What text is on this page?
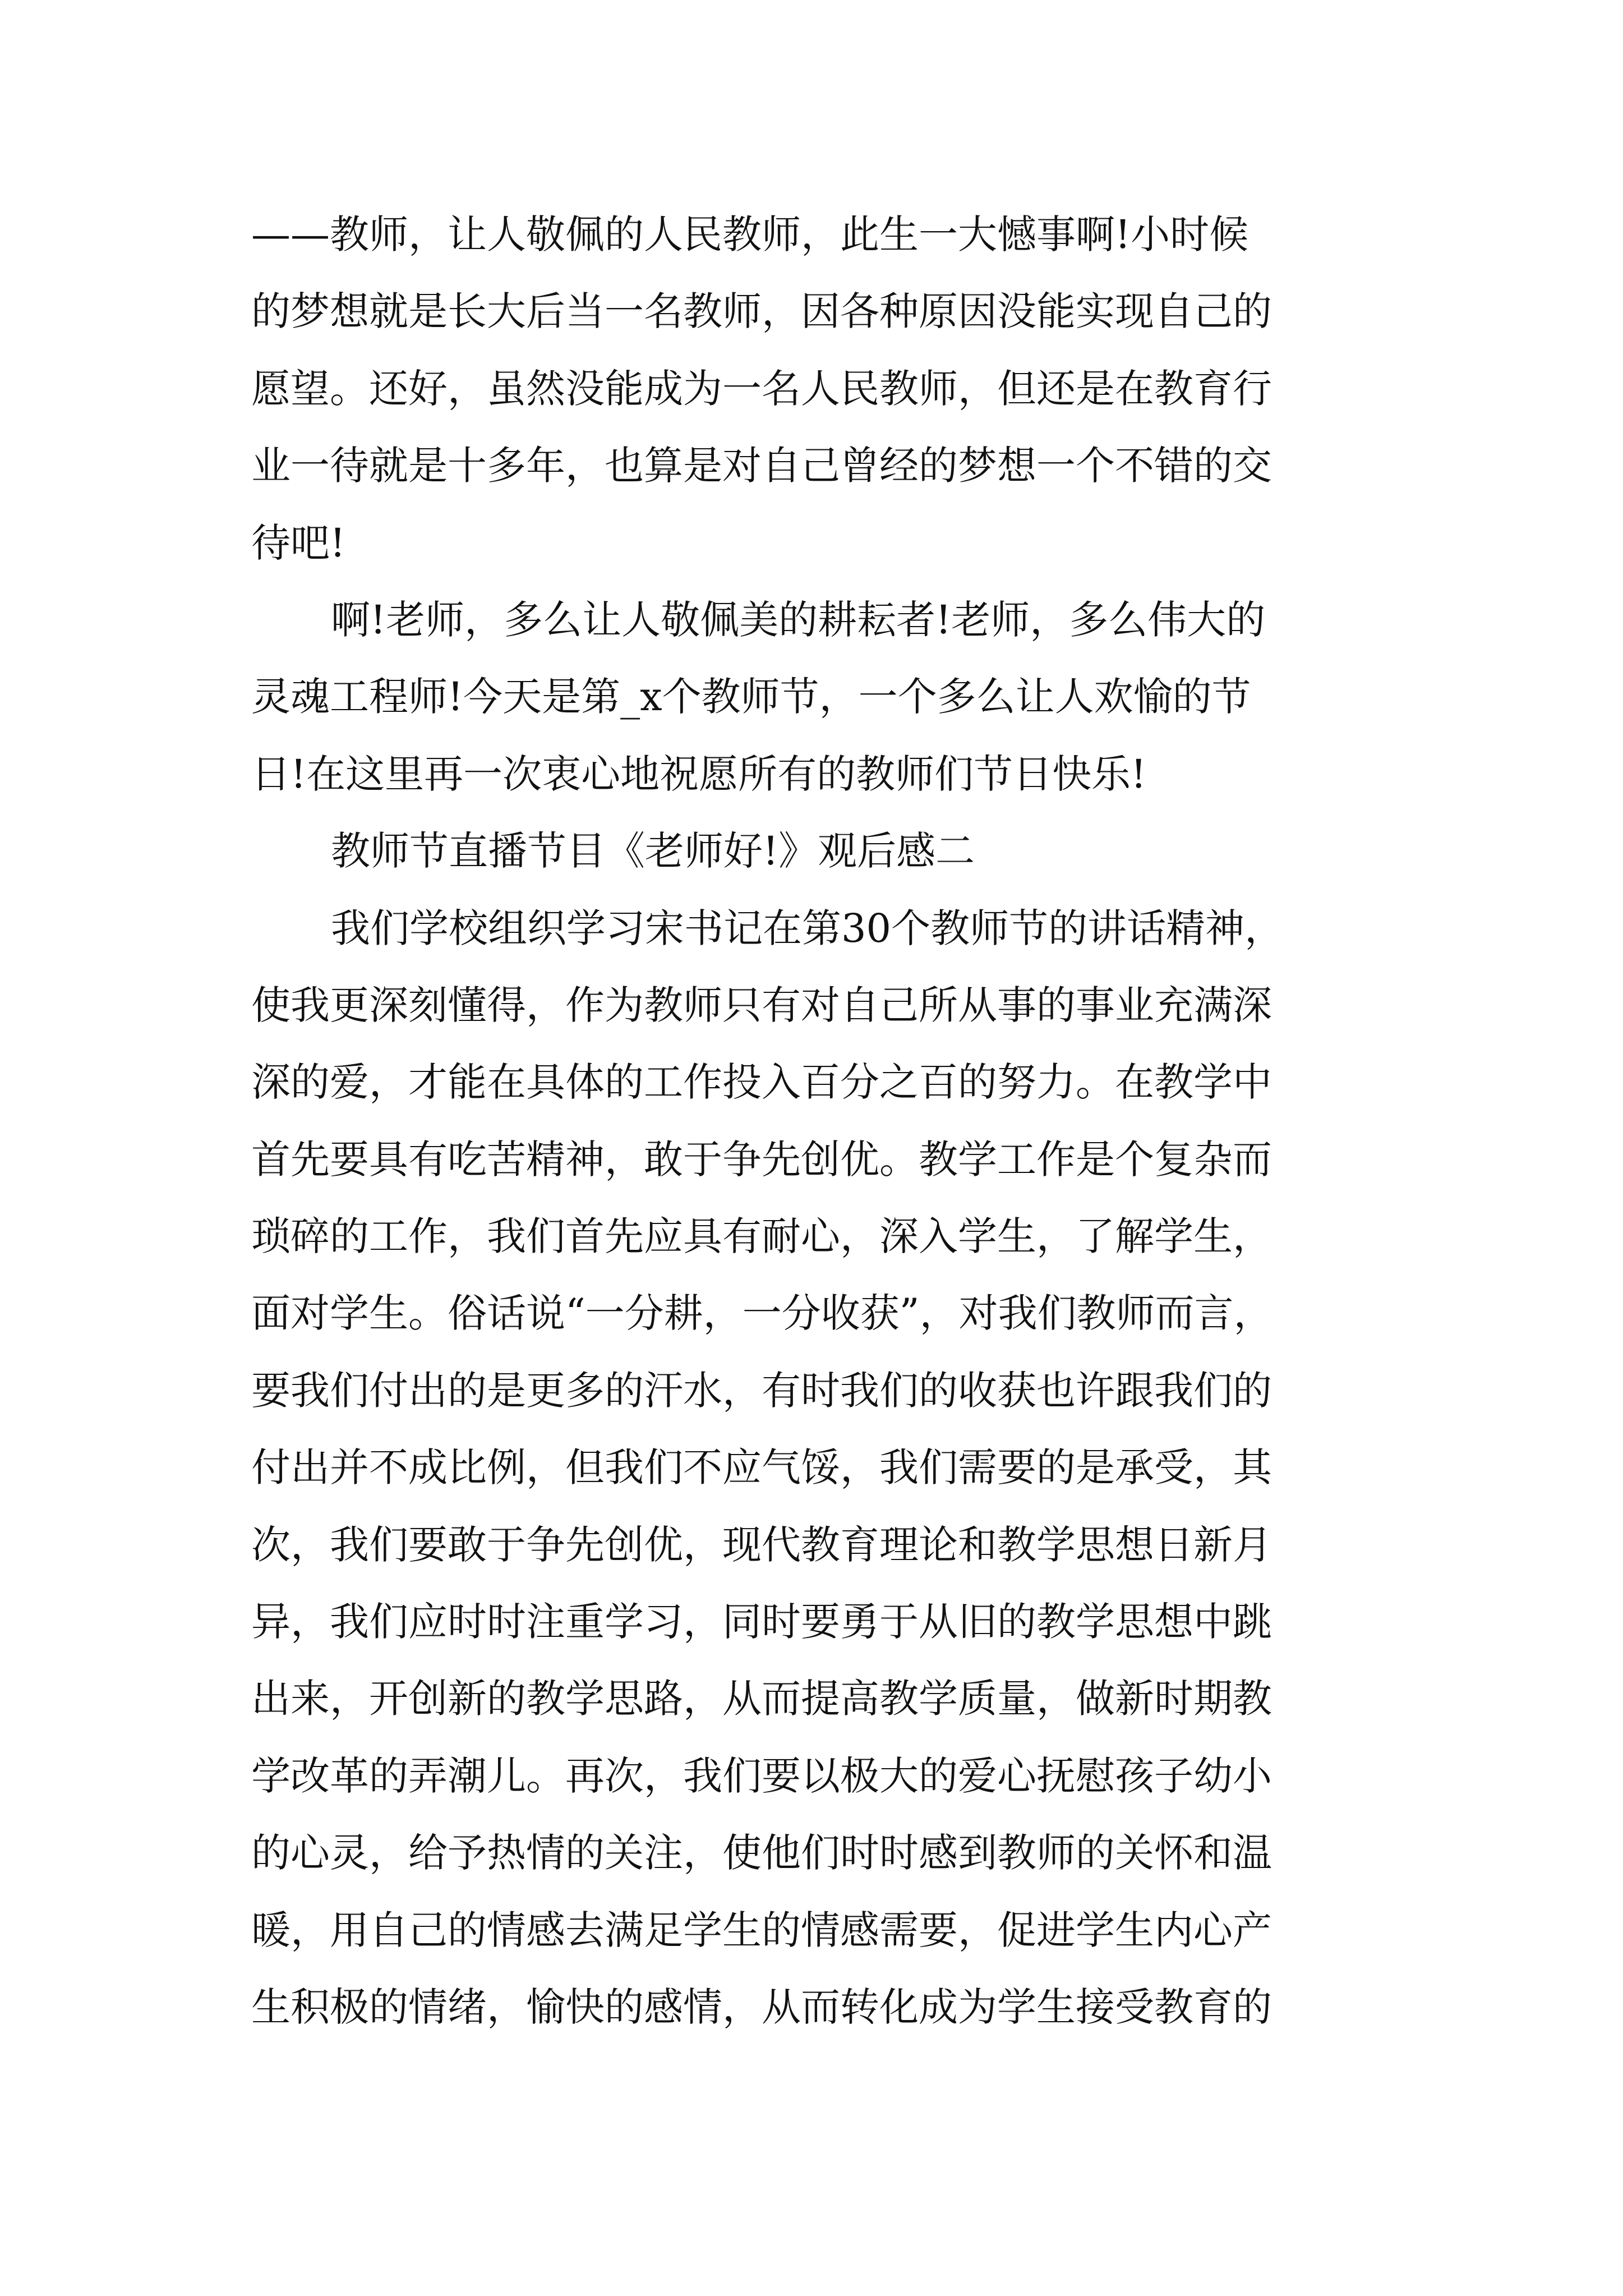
——教师，让人敬佩的人民教师，此生一大憾事啊!小时候
的梦想就是长大后当一名教师，因各种原因没能实现自己的
愿望。还好，虽然没能成为一名人民教师，但还是在教育行
业一待就是十多年，也算是对自己曾经的梦想一个不错的交
待吧!
啊!老师，多么让人敬佩美的耕耘者!老师，多么伟大的
灵魂工程师!今天是第_x个教师节，一个多么让人欢愉的节
日!在这里再一次衷心地祝愿所有的教师们节日快乐!
教师节直播节目《老师好!》观后感二
我们学校组织学习宋书记在第30个教师节的讲话精神，
使我更深刻懂得，作为教师只有对自己所从事的事业充满深
深的爱，才能在具体的工作投入百分之百的努力。在教学中
首先要具有吃苦精神，敢于争先创优。教学工作是个复杂而
琐碎的工作，我们首先应具有耐心，深入学生，了解学生，
面对学生。俗话说“一分耕，一分收获”，对我们教师而言，
要我们付出的是更多的汗水，有时我们的收获也许跟我们的
付出并不成比例，但我们不应气馁，我们需要的是承受，其
次，我们要敢于争先创优，现代教育理论和教学思想日新月
异，我们应时时注重学习，同时要勇于从旧的教学思想中跳
出来，开创新的教学思路，从而提高教学质量，做新时期教
学改革的弄潮儿。再次，我们要以极大的爱心抚慰孩子幼小
的心灵，给予热情的关注，使他们时时感到教师的关怀和温
暖，用自己的情感去满足学生的情感需要，促进学生内心产
生积极的情绪，愉快的感情，从而转化成为学生接受教育的
